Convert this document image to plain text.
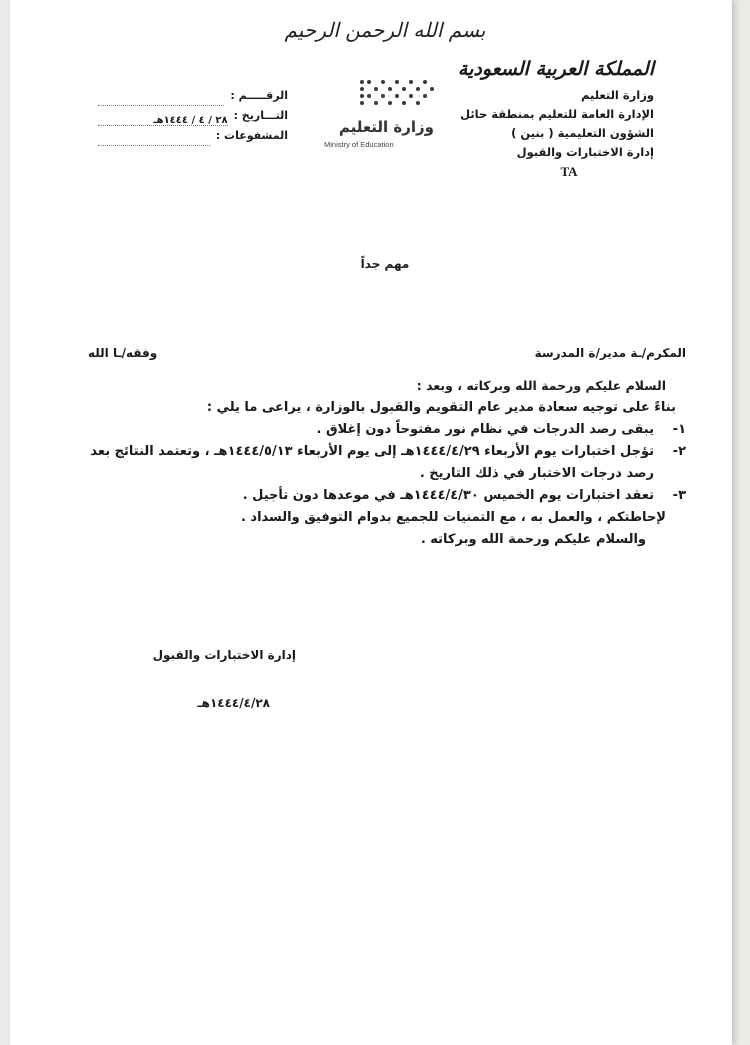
بسم الله الرحمن الرحيم
المملكة العربية السعودية
وزارة التعليم
الإدارة العامة للتعليم بمنطقة حائل
الشؤون التعليمية ( بنين )
إدارة الاختبارات والقبول
TA
وزارة التعليم
Ministry of Education
الرقـــــم :
التـــاريخ :
٢٨ / ٤ / ١٤٤٤هـ
المشفوعات :
مهم جداً
المكرم/ـة مدير/ة المدرسة
وفقه/ـا الله
السلام عليكم ورحمة الله وبركاته ، وبعد :
بناءً على توجيه سعادة مدير عام التقويم والقبول بالوزارة ، يراعى ما يلي :
١-
يبقى رصد الدرجات في نظام نور مفتوحاً دون إغلاق .
٢-
تؤجل اختبارات يوم الأربعاء ١٤٤٤/٤/٢٩هـ إلى يوم الأربعاء ١٤٤٤/٥/١٣هـ ، وتعتمد النتائج بعد رصد درجات الاختبار في ذلك التاريخ .
٣-
تعقد اختبارات يوم الخميس ١٤٤٤/٤/٣٠هـ في موعدها دون تأجيل .
لإحاطتكم ، والعمل به ، مع التمنيات للجميع بدوام التوفيق والسداد .
والسلام عليكم ورحمة الله وبركاته .
إدارة الاختبارات والقبول
١٤٤٤/٤/٢٨هـ
